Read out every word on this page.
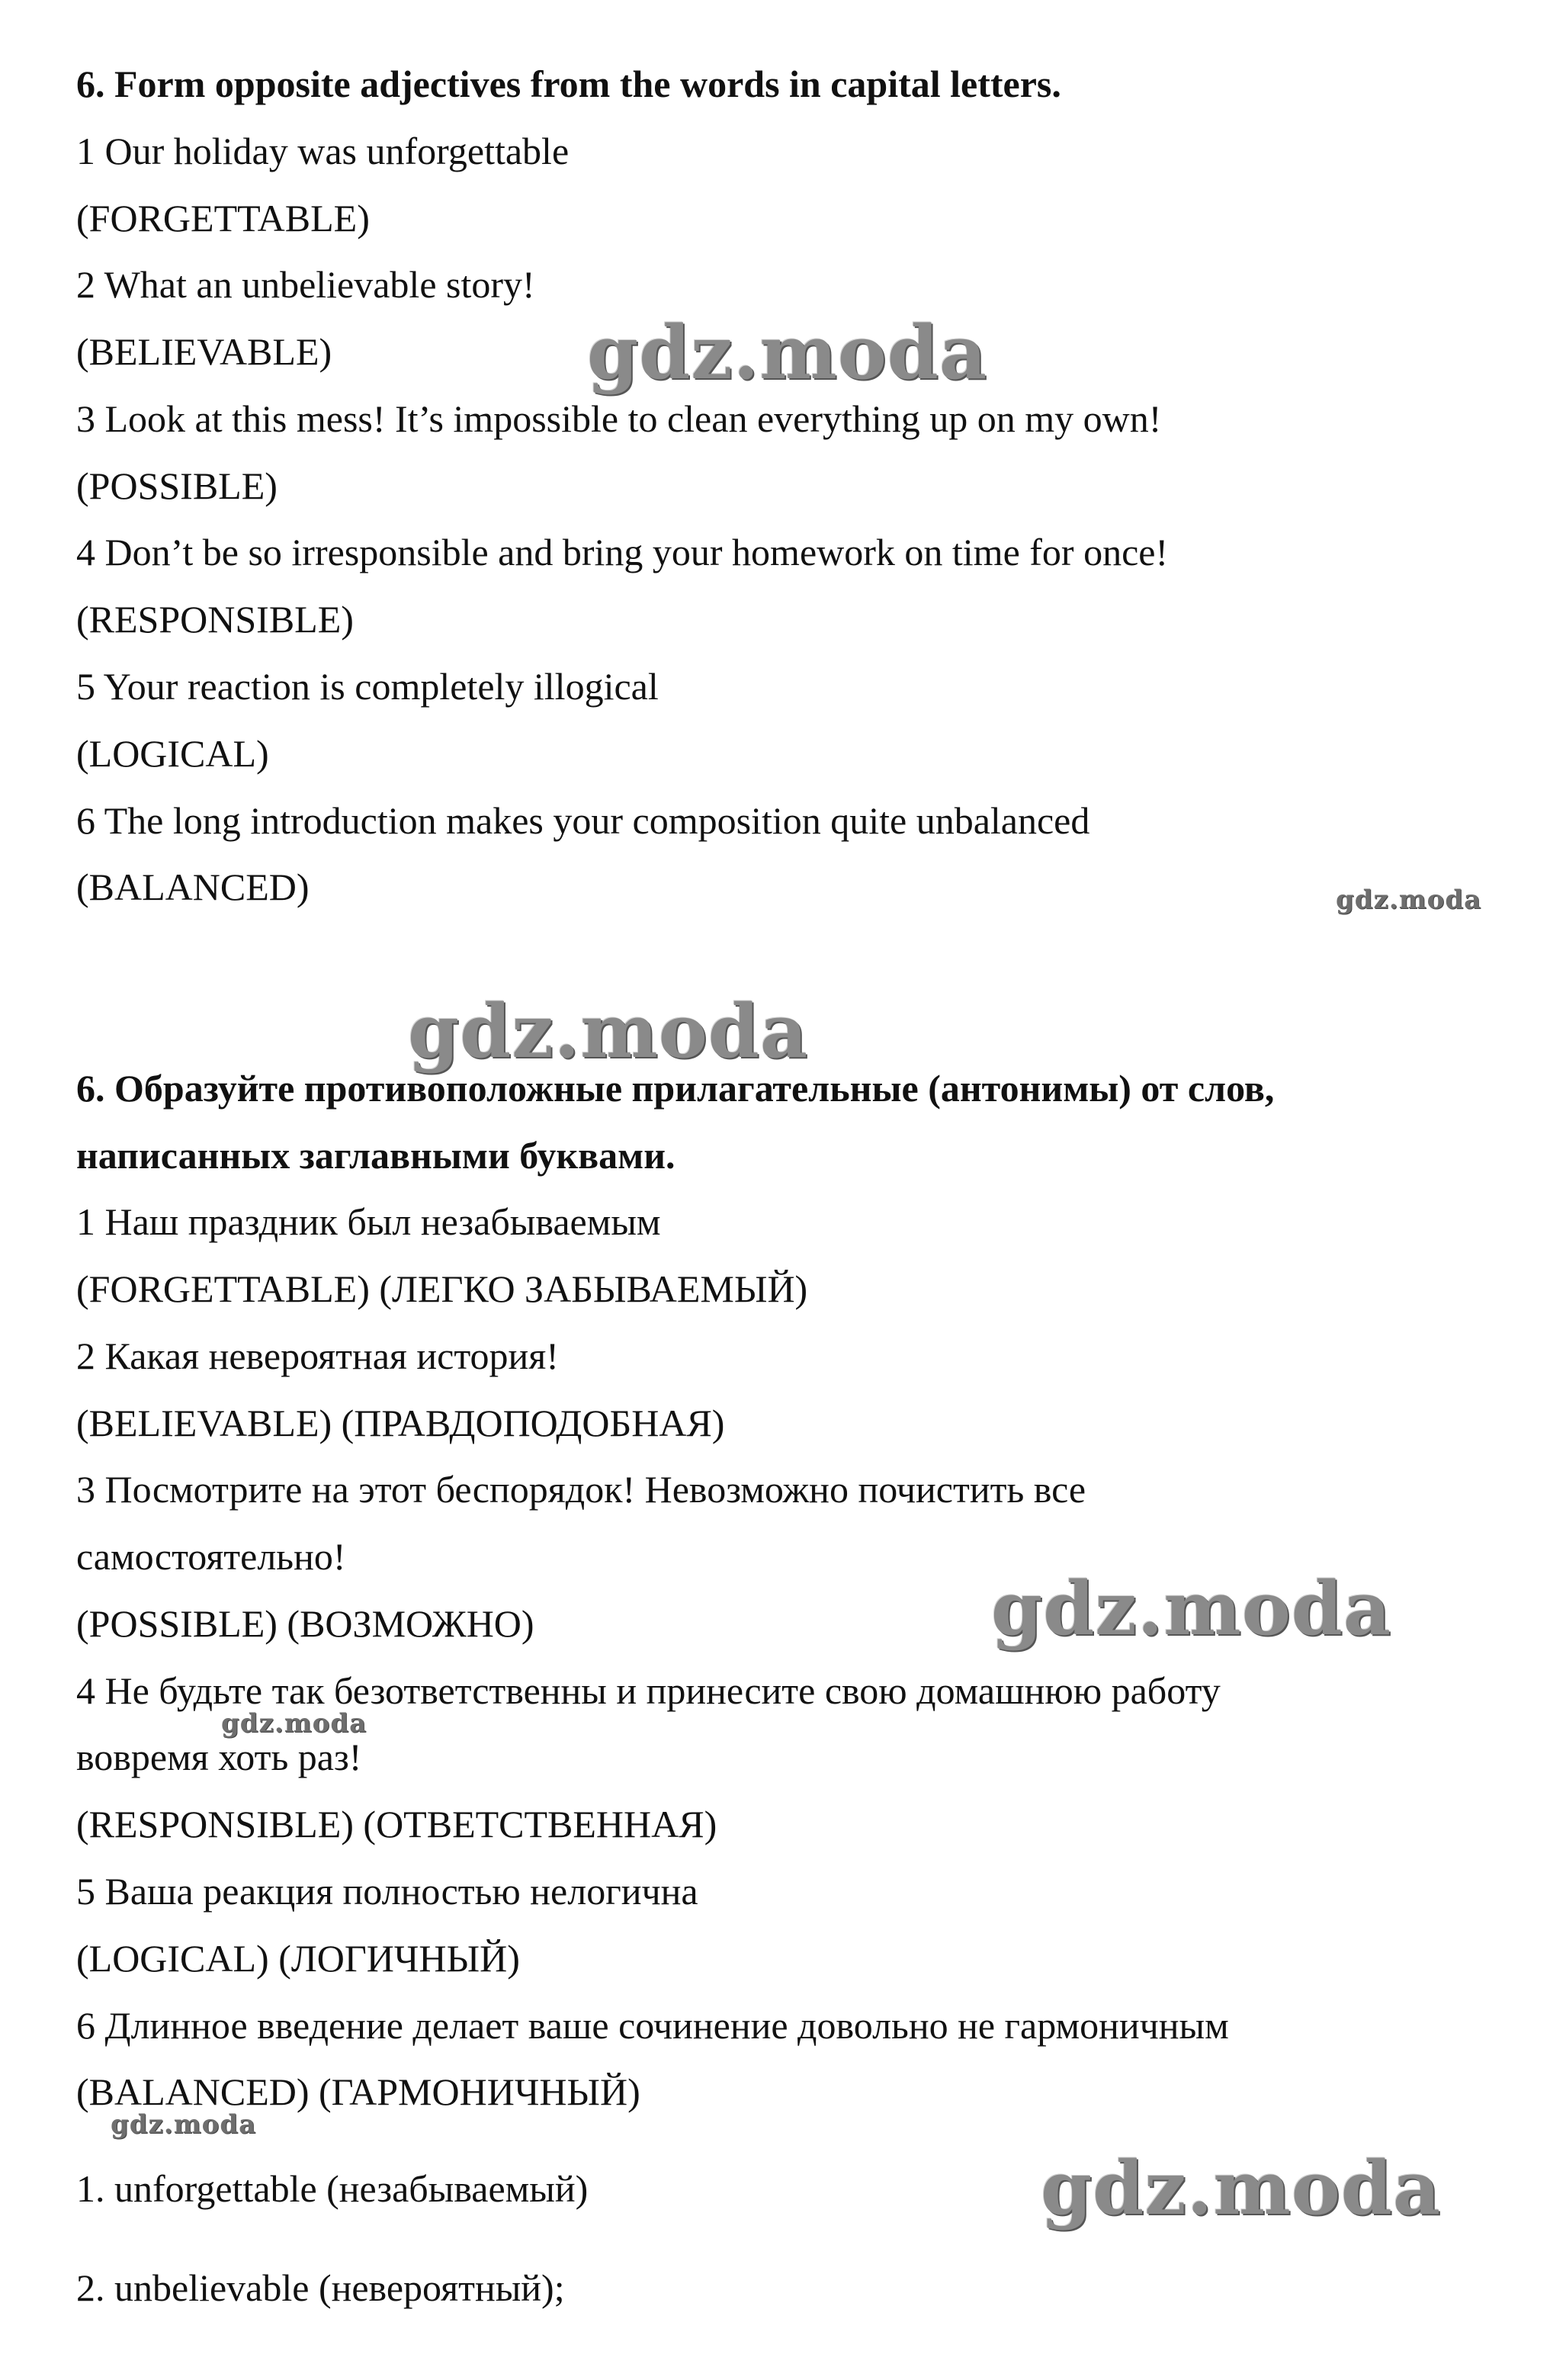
6. Form opposite adjectives from the words in capital letters.

1 Our holiday was unforgettable

(FORGETTABLE)

2 What an unbelievable story!

(BELIEVABLE)

3 Look at this mess! It’s impossible to clean everything up on my own!

(POSSIBLE)

4 Don’t be so irresponsible and bring your homework on time for once!

(RESPONSIBLE)

5 Your reaction is completely illogical

(LOGICAL)

6 The long introduction makes your composition quite unbalanced

(BALANCED)

6. Образуйте противоположные прилагательные (антонимы) от слов,

написанных заглавными буквами.

1 Наш праздник был незабываемым

(FORGETTABLE) (ЛЕГКО ЗАБЫВАЕМЫЙ)

2 Какая невероятная история!

(BELIEVABLE) (ПРАВДОПОДОБНАЯ)

3 Посмотрите на этот беспорядок! Невозможно почистить все

самостоятельно!

(POSSIBLE) (ВОЗМОЖНО)

4 Не будьте так безответственны и принесите свою домашнюю работу

вовремя хоть раз!

(RESPONSIBLE) (ОТВЕТСТВЕННАЯ)

5 Ваша реакция полностью нелогична

(LOGICAL) (ЛОГИЧНЫЙ)

6 Длинное введение делает ваше сочинение довольно не гармоничным

(BALANCED) (ГАРМОНИЧНЫЙ)

1. unforgettable (незабываемый)

2. unbelievable (невероятный);

gdz.moda

gdz.moda

gdz.moda

gdz.moda

gdz.moda

gdz.moda

gdz.moda
